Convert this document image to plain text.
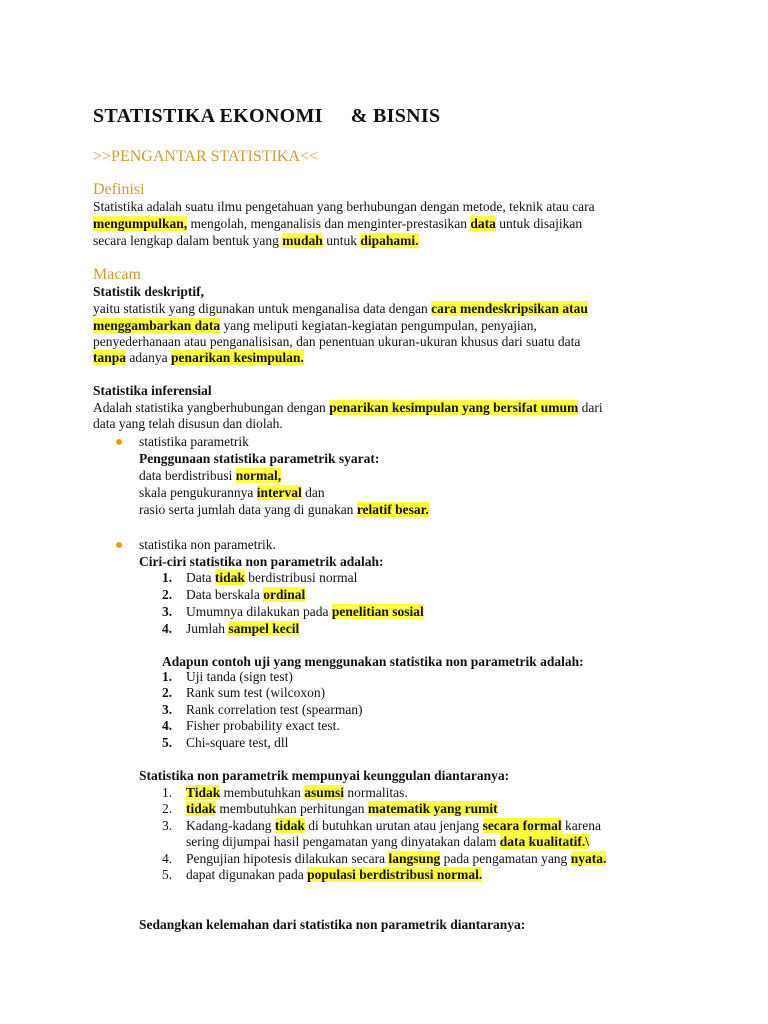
STATISTIKA EKONOMI & BISNIS
>>PENGANTAR STATISTIKA<<
Definisi
Statistika adalah suatu ilmu pengetahuan yang berhubungan dengan metode, teknik atau cara
mengumpulkan, mengolah, menganalisis dan menginter-prestasikan data untuk disajikan
secara lengkap dalam bentuk yang mudah untuk dipahami.
Macam
Statistik deskriptif,
yaitu statistik yang digunakan untuk menganalisa data dengan cara mendeskripsikan atau
menggambarkan data yang meliputi kegiatan-kegiatan pengumpulan, penyajian,
penyederhanaan atau penganalisisan, dan penentuan ukuran-ukuran khusus dari suatu data
tanpa adanya penarikan kesimpulan.
Statistika inferensial
Adalah statistika yangberhubungan dengan penarikan kesimpulan yang bersifat umum dari
data yang telah disusun dan diolah.
statistika parametrik
Penggunaan statistika parametrik syarat:
data berdistribusi normal,
skala pengukurannya interval dan
rasio serta jumlah data yang di gunakan relatif besar.
statistika non parametrik.
Ciri-ciri statistika non parametrik adalah:
1. Data tidak berdistribusi normal
2. Data berskala ordinal
3. Umumnya dilakukan pada penelitian sosial
4. Jumlah sampel kecil
Adapun contoh uji yang menggunakan statistika non parametrik adalah:
1. Uji tanda (sign test)
2. Rank sum test (wilcoxon)
3. Rank correlation test (spearman)
4. Fisher probability exact test.
5. Chi-square test, dll
Statistika non parametrik mempunyai keunggulan diantaranya:
1. Tidak membutuhkan asumsi normalitas.
2. tidak membutuhkan perhitungan matematik yang rumit
3. Kadang-kadang tidak di butuhkan urutan atau jenjang secara formal karena
sering dijumpai hasil pengamatan yang dinyatakan dalam data kualitatif.\
4. Pengujian hipotesis dilakukan secara langsung pada pengamatan yang nyata.
5. dapat digunakan pada populasi berdistribusi normal.
Sedangkan kelemahan dari statistika non parametrik diantaranya:
